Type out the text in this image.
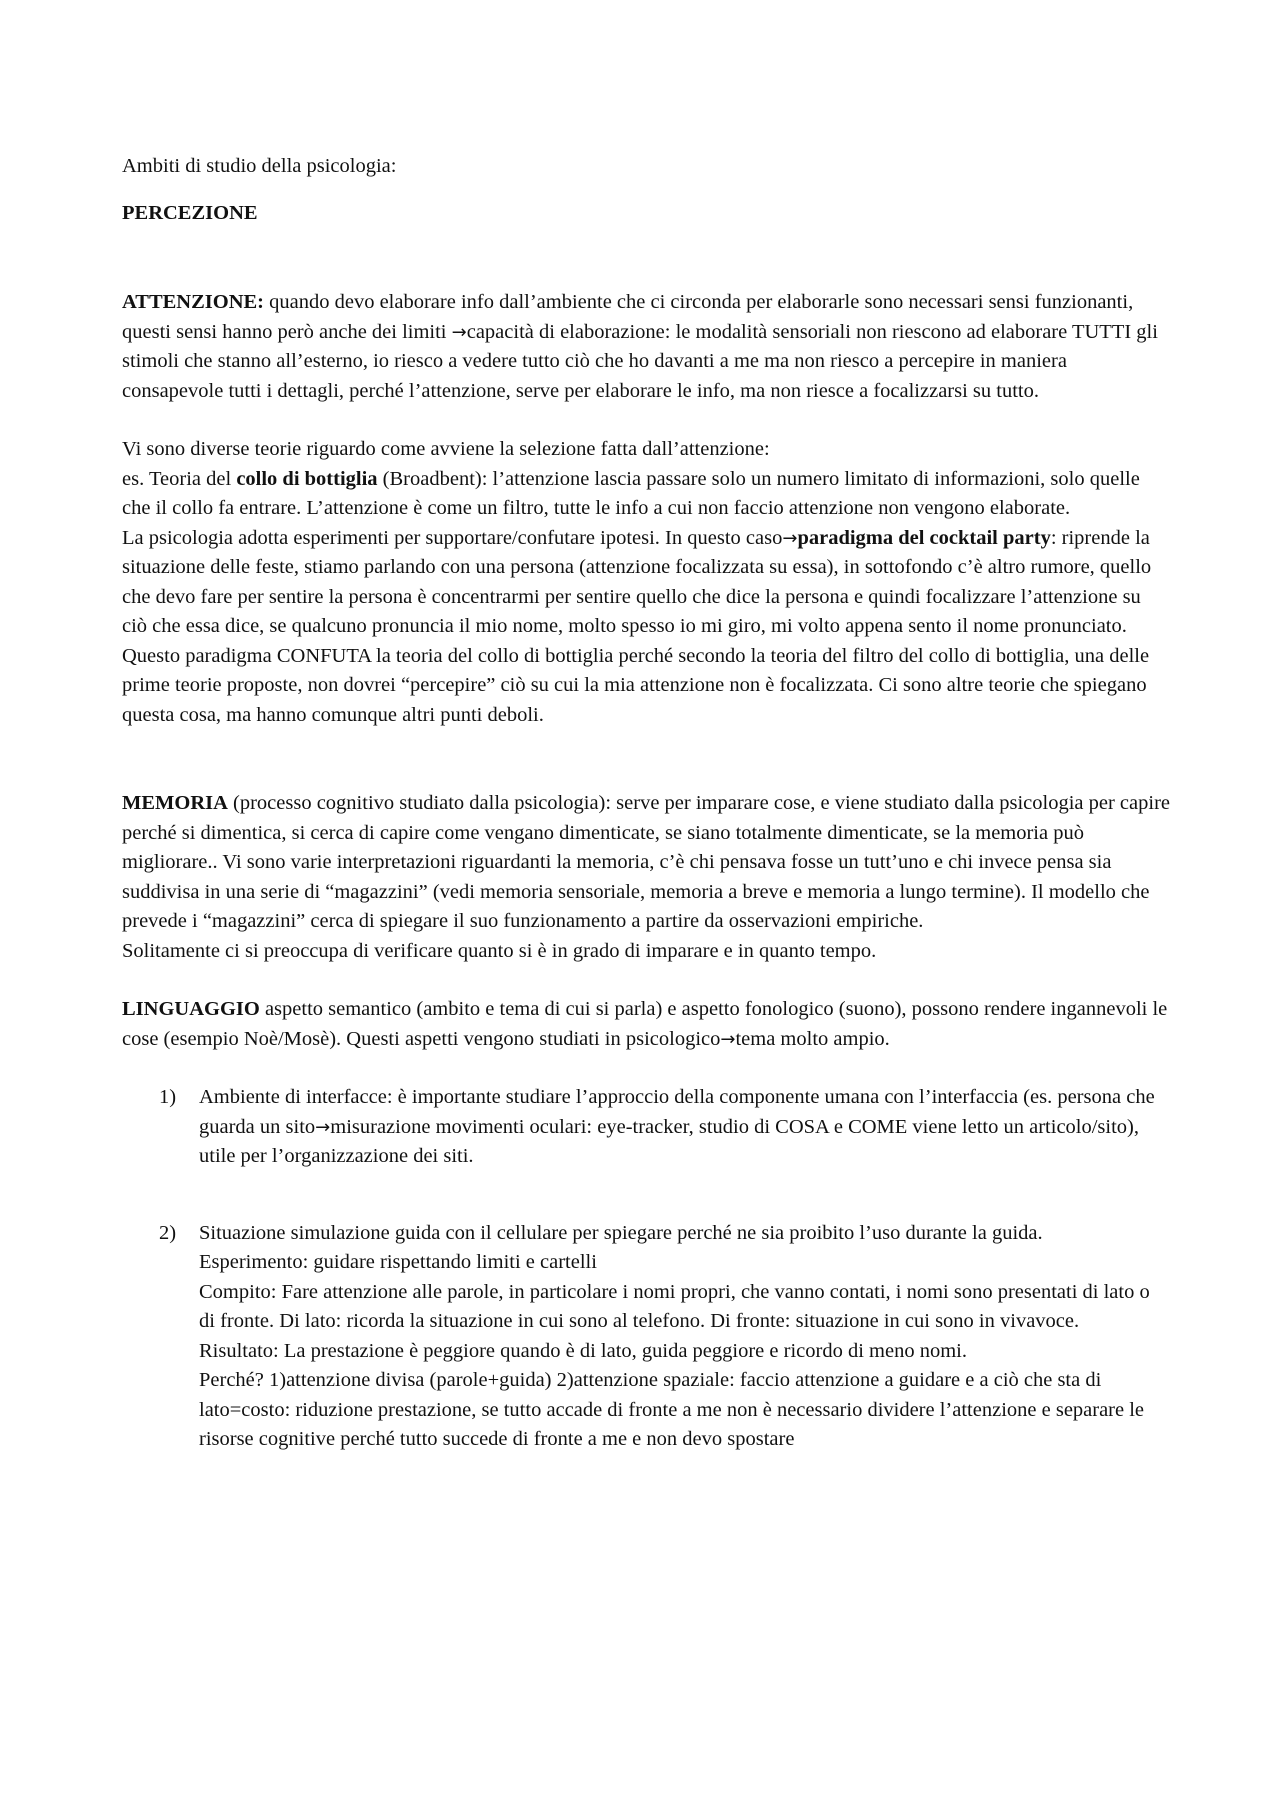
Ambiti di studio della psicologia:

PERCEZIONE

ATTENZIONE: quando devo elaborare info dall’ambiente che ci circonda per elaborarle sono necessari sensi funzionanti, questi sensi hanno però anche dei limiti →capacità di elaborazione: le modalità sensoriali non riescono ad elaborare TUTTI gli stimoli che stanno all’esterno, io riesco a vedere tutto ciò che ho davanti a me ma non riesco a percepire in maniera consapevole tutti i dettagli, perché l’attenzione, serve per elaborare le info, ma non riesce a focalizzarsi su tutto.

Vi sono diverse teorie riguardo come avviene la selezione fatta dall’attenzione:

es. Teoria del collo di bottiglia (Broadbent): l’attenzione lascia passare solo un numero limitato di informazioni, solo quelle che il collo fa entrare. L’attenzione è come un filtro, tutte le info a cui non faccio attenzione non vengono elaborate.

La psicologia adotta esperimenti per supportare/confutare ipotesi. In questo caso→paradigma del cocktail party: riprende la situazione delle feste, stiamo parlando con una persona (attenzione focalizzata su essa), in sottofondo c’è altro rumore, quello che devo fare per sentire la persona è concentrarmi per sentire quello che dice la persona e quindi focalizzare l’attenzione su ciò che essa dice, se qualcuno pronuncia il mio nome, molto spesso io mi giro, mi volto appena sento il nome pronunciato. Questo paradigma CONFUTA la teoria del collo di bottiglia perché secondo la teoria del filtro del collo di bottiglia, una delle prime teorie proposte, non dovrei “percepire” ciò su cui la mia attenzione non è focalizzata. Ci sono altre teorie che spiegano questa cosa, ma hanno comunque altri punti deboli.

MEMORIA (processo cognitivo studiato dalla psicologia): serve per imparare cose, e viene studiato dalla psicologia per capire perché si dimentica, si cerca di capire come vengano dimenticate, se siano totalmente dimenticate, se la memoria può migliorare.. Vi sono varie interpretazioni riguardanti la memoria, c’è chi pensava fosse un tutt’uno e chi invece pensa sia suddivisa in una serie di “magazzini” (vedi memoria sensoriale, memoria a breve e memoria a lungo termine). Il modello che prevede i “magazzini” cerca di spiegare il suo funzionamento a partire da osservazioni empiriche.

Solitamente ci si preoccupa di verificare quanto si è in grado di imparare e in quanto tempo.

LINGUAGGIO aspetto semantico (ambito e tema di cui si parla) e aspetto fonologico (suono), possono rendere ingannevoli le cose (esempio Noè/Mosè). Questi aspetti vengono studiati in psicologico→tema molto ampio.

1) Ambiente di interfacce: è importante studiare l’approccio della componente umana con l’interfaccia (es. persona che guarda un sito→misurazione movimenti oculari: eye-tracker, studio di COSA e COME viene letto un articolo/sito), utile per l’organizzazione dei siti.

2) Situazione simulazione guida con il cellulare per spiegare perché ne sia proibito l’uso durante la guida.

Esperimento: guidare rispettando limiti e cartelli

Compito: Fare attenzione alle parole, in particolare i nomi propri, che vanno contati, i nomi sono presentati di lato o di fronte. Di lato: ricorda la situazione in cui sono al telefono. Di fronte: situazione in cui sono in vivavoce.

Risultato: La prestazione è peggiore quando è di lato, guida peggiore e ricordo di meno nomi.

Perché? 1)attenzione divisa (parole+guida) 2)attenzione spaziale: faccio attenzione a guidare e a ciò che sta di lato=costo: riduzione prestazione, se tutto accade di fronte a me non è necessario dividere l’attenzione e separare le risorse cognitive perché tutto succede di fronte a me e non devo spostare
